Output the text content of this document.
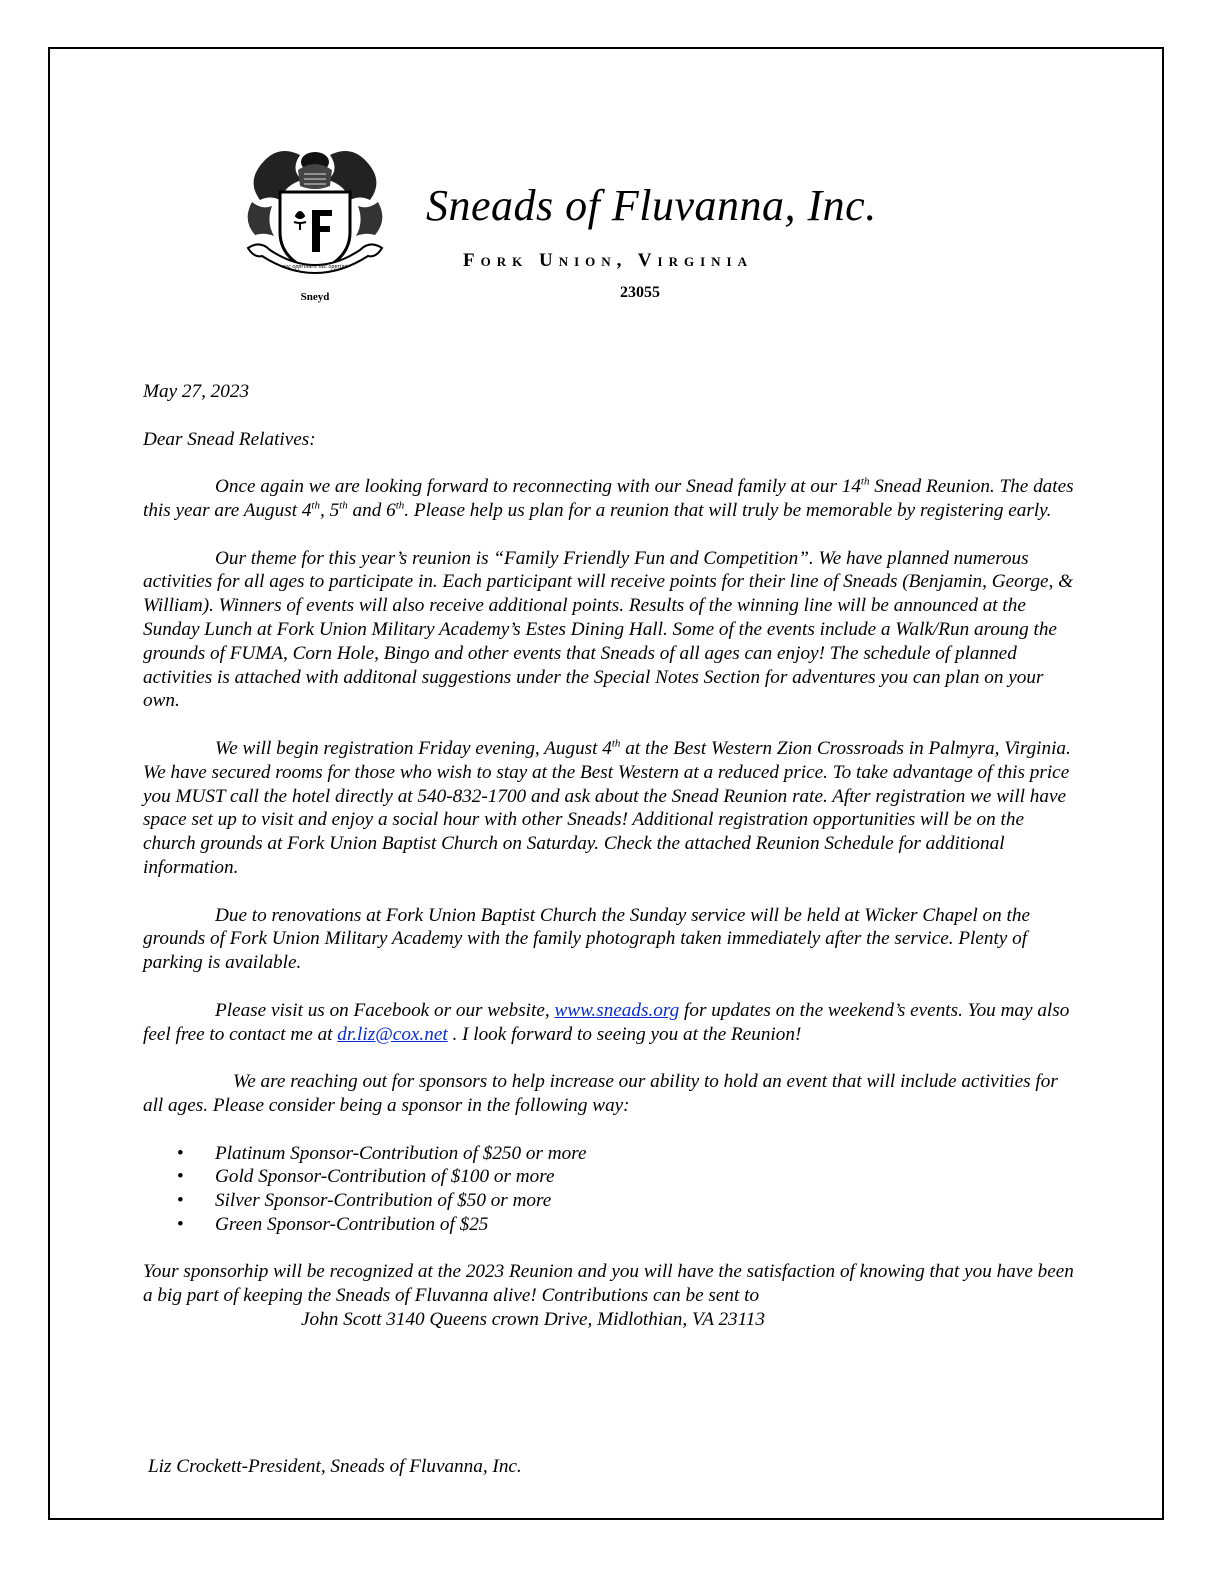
nec opprimere nec opprimi
Sneyd
Sneads of Fluvanna, Inc.
Fork Union, Virginia
23055

May 27, 2023

Dear Snead Relatives:

Once again we are looking forward to reconnecting with our Snead family at our 14th Snead Reunion. The dates this year are August 4th, 5th and 6th. Please help us plan for a reunion that will truly be memorable by registering early.

Our theme for this year’s reunion is “Family Friendly Fun and Competition”. We have planned numerous activities for all ages to participate in. Each participant will receive points for their line of Sneads (Benjamin, George, & William). Winners of events will also receive additional points. Results of the winning line will be announced at the Sunday Lunch at Fork Union Military Academy’s Estes Dining Hall. Some of the events include a Walk/Run aroung the grounds of FUMA, Corn Hole, Bingo and other events that Sneads of all ages can enjoy! The schedule of planned activities is attached with additonal suggestions under the Special Notes Section for adventures you can plan on your own.

We will begin registration Friday evening, August 4th at the Best Western Zion Crossroads in Palmyra, Virginia. We have secured rooms for those who wish to stay at the Best Western at a reduced price. To take advantage of this price you MUST call the hotel directly at 540-832-1700 and ask about the Snead Reunion rate. After registration we will have space set up to visit and enjoy a social hour with other Sneads! Additional registration opportunities will be on the church grounds at Fork Union Baptist Church on Saturday. Check the attached Reunion Schedule for additional information.

Due to renovations at Fork Union Baptist Church the Sunday service will be held at Wicker Chapel on the grounds of Fork Union Military Academy with the family photograph taken immediately after the service. Plenty of parking is available.

Please visit us on Facebook or our website, www.sneads.org for updates on the weekend’s events. You may also feel free to contact me at dr.liz@cox.net . I look forward to seeing you at the Reunion!

We are reaching out for sponsors to help increase our ability to hold an event that will include activities for all ages. Please consider being a sponsor in the following way:

• Platinum Sponsor-Contribution of $250 or more
• Gold Sponsor-Contribution of $100 or more
• Silver Sponsor-Contribution of $50 or more
• Green Sponsor-Contribution of $25

Your sponsorhip will be recognized at the 2023 Reunion and you will have the satisfaction of knowing that you have been a big part of keeping the Sneads of Fluvanna alive! Contributions can be sent to
John Scott 3140 Queens crown Drive, Midlothian, VA 23113

Liz Crockett-President, Sneads of Fluvanna, Inc.
